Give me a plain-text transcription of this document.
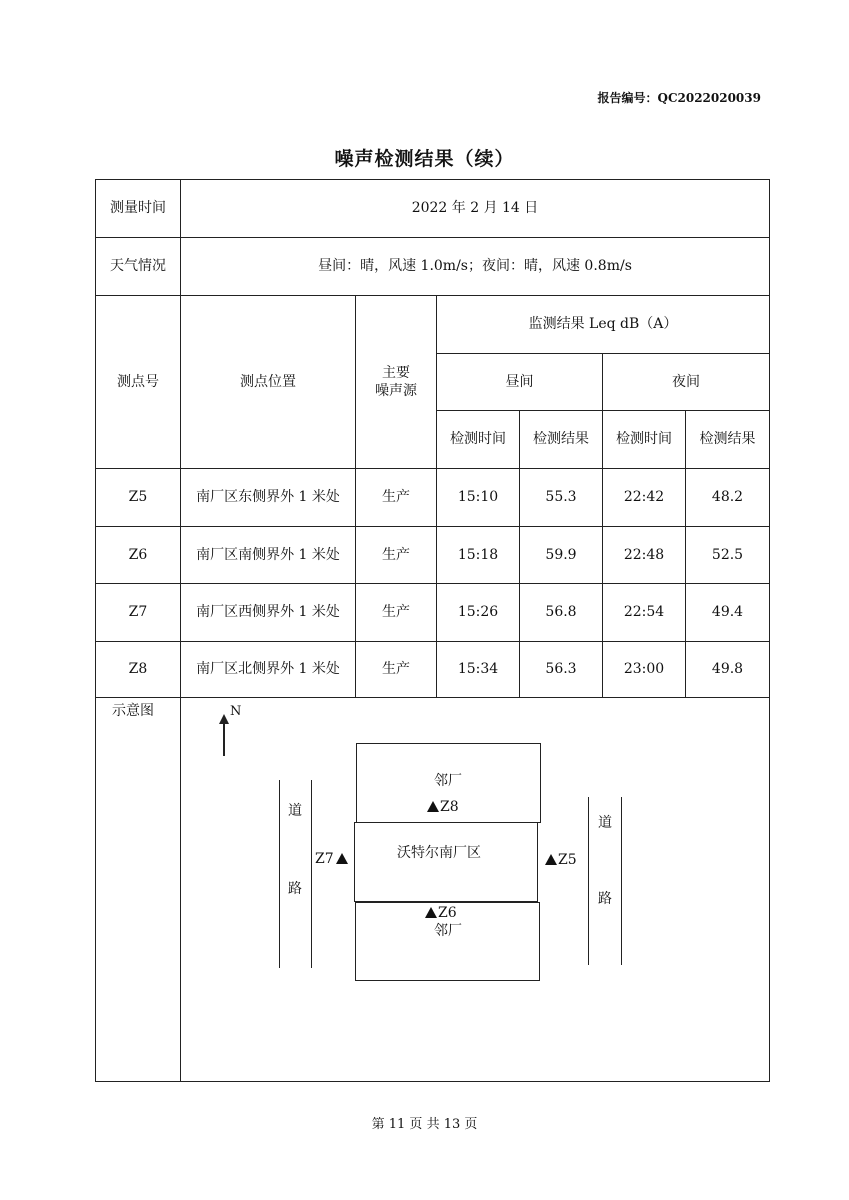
报告编号：QC2022020039
噪声检测结果（续）
测量时间	2022 年 2 月 14 日
天气情况	昼间：晴，风速 1.0m/s；夜间：晴，风速 0.8m/s
测点号	测点位置
主要
噪声源
监测结果 Leq dB（A）
昼间	夜间
检测时间	检测结果	检测时间	检测结果
Z5	南厂区东侧界外 1 米处	生产	15:10	55.3	22:42	48.2
Z6	南厂区南侧界外 1 米处	生产	15:18	59.9	22:48	52.5
Z7	南厂区西侧界外 1 米处	生产	15:26	56.8	22:54	49.4
Z8	南厂区北侧界外 1 米处	生产	15:34	56.3	23:00	49.8
示意图	N
道
路
道
路
邻厂
沃特尔南厂区
邻厂
Z8
Z7	Z5
Z6
第 11 页 共 13 页
